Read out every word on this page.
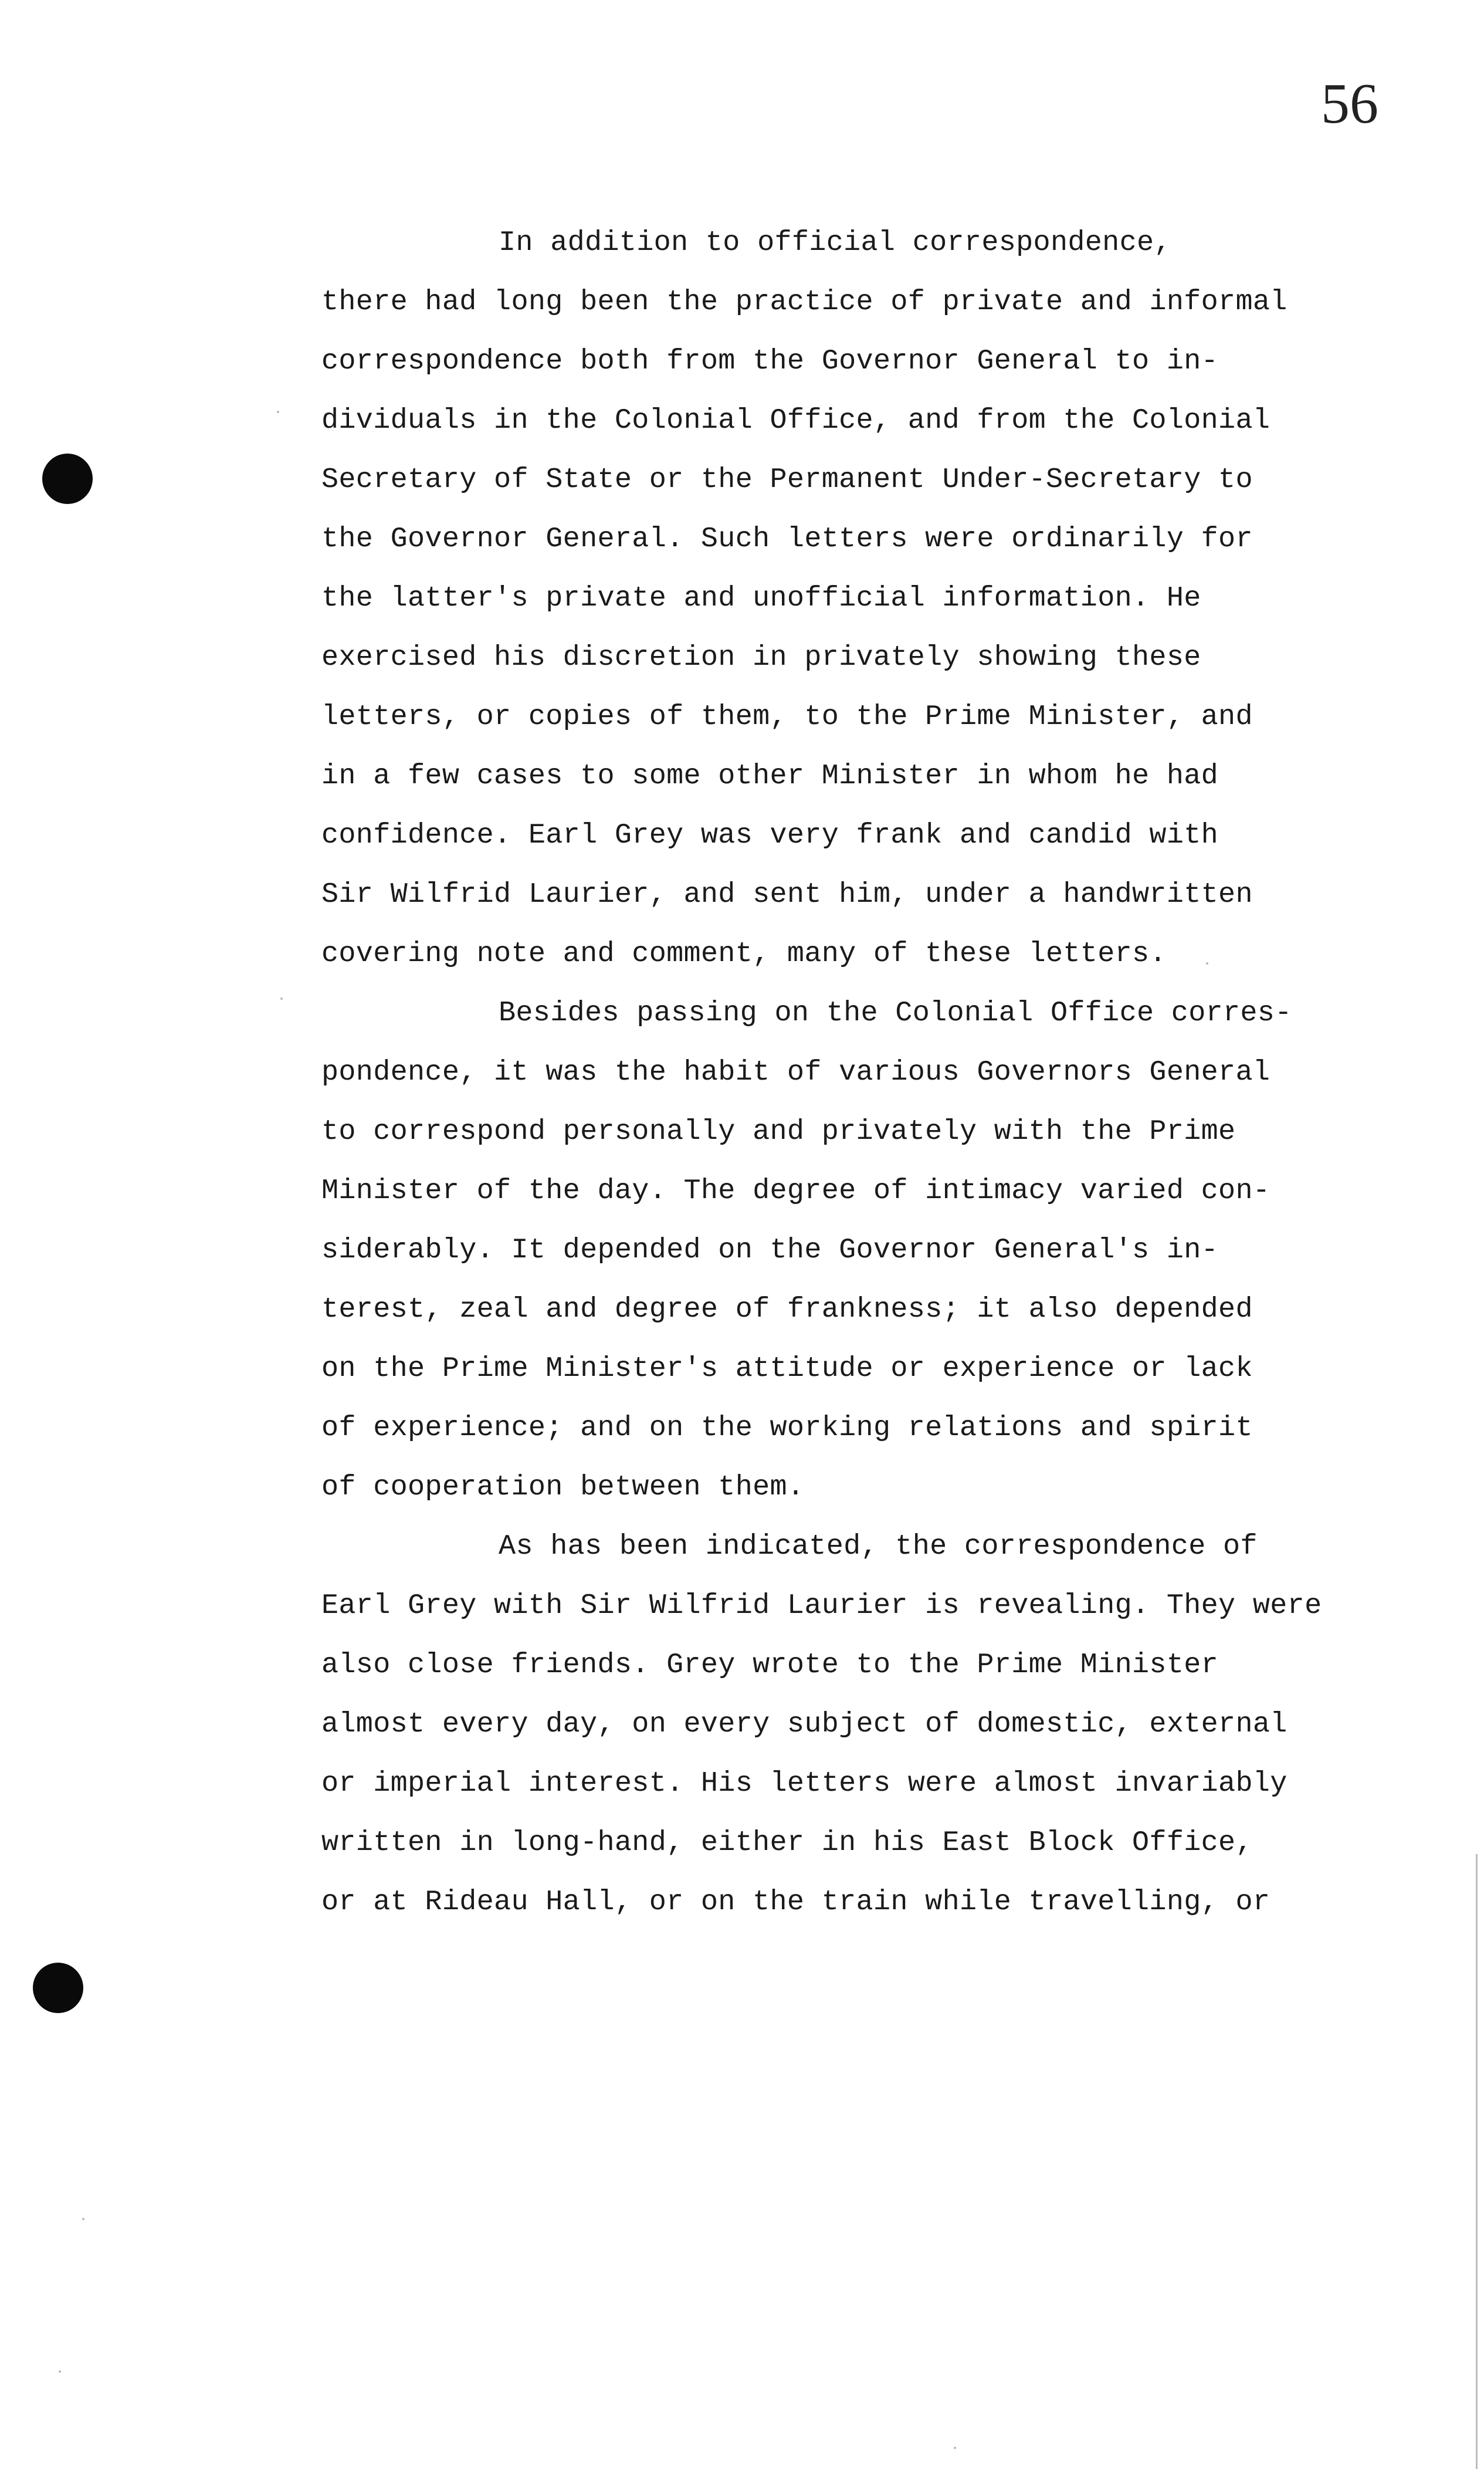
56
In addition to official correspondence,
there had long been the practice of private and informal
correspondence both from the Governor General to in-
dividuals in the Colonial Office, and from the Colonial
Secretary of State or the Permanent Under-Secretary to
the Governor General. Such letters were ordinarily for
the latter's private and unofficial information. He
exercised his discretion in privately showing these
letters, or copies of them, to the Prime Minister, and
in a few cases to some other Minister in whom he had
confidence. Earl Grey was very frank and candid with
Sir Wilfrid Laurier, and sent him, under a handwritten
covering note and comment, many of these letters.
Besides passing on the Colonial Office corres-
pondence, it was the habit of various Governors General
to correspond personally and privately with the Prime
Minister of the day. The degree of intimacy varied con-
siderably. It depended on the Governor General's in-
terest, zeal and degree of frankness; it also depended
on the Prime Minister's attitude or experience or lack
of experience; and on the working relations and spirit
of cooperation between them.
As has been indicated, the correspondence of
Earl Grey with Sir Wilfrid Laurier is revealing. They were
also close friends. Grey wrote to the Prime Minister
almost every day, on every subject of domestic, external
or imperial interest. His letters were almost invariably
written in long-hand, either in his East Block Office,
or at Rideau Hall, or on the train while travelling, or
